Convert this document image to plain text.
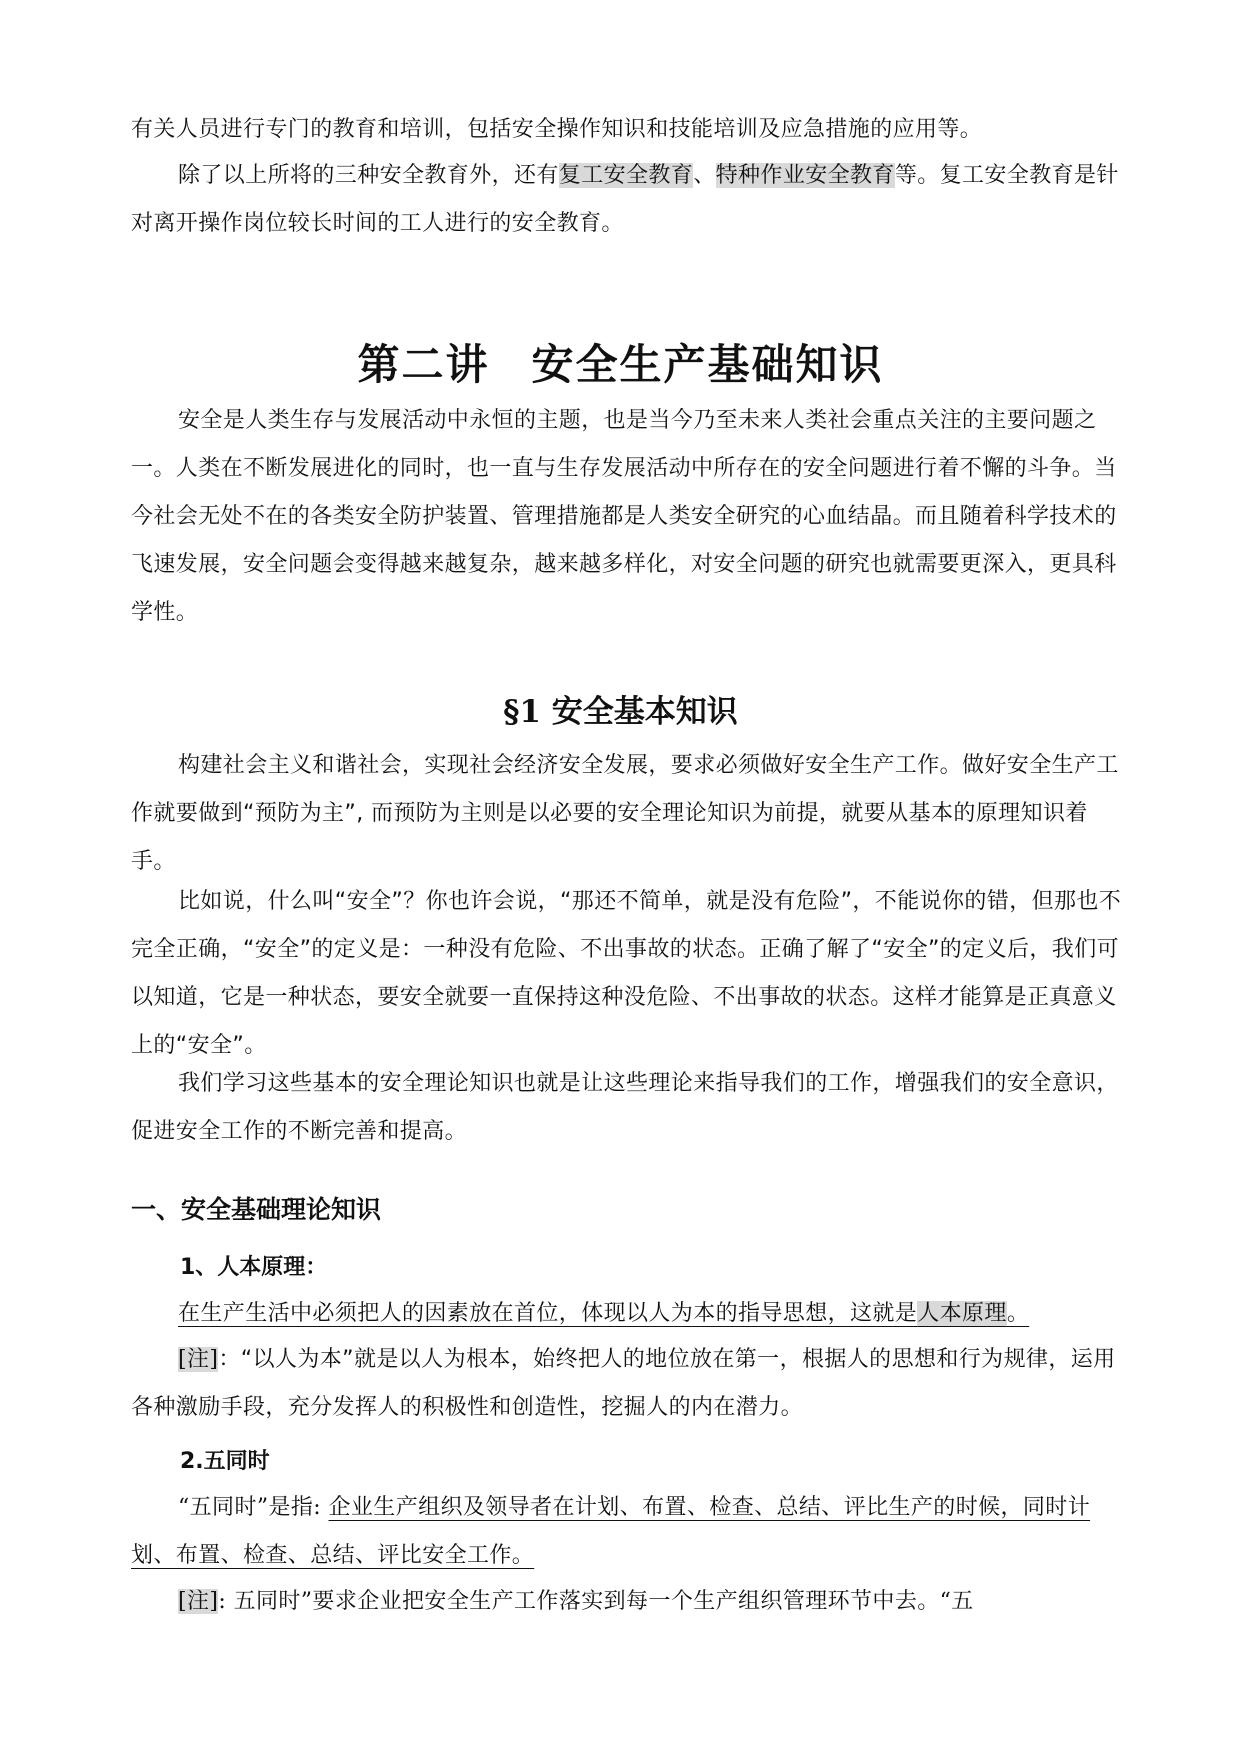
有关人员进行专门的教育和培训，包括安全操作知识和技能培训及应急措施的应用等。

除了以上所将的三种安全教育外，还有复工安全教育、特种作业安全教育等。复工安全教育是针对离开操作岗位较长时间的工人进行的安全教育。

第二讲 安全生产基础知识

安全是人类生存与发展活动中永恒的主题，也是当今乃至未来人类社会重点关注的主要问题之一。人类在不断发展进化的同时，也一直与生存发展活动中所存在的安全问题进行着不懈的斗争。当今社会无处不在的各类安全防护装置、管理措施都是人类安全研究的心血结晶。而且随着科学技术的飞速发展，安全问题会变得越来越复杂，越来越多样化，对安全问题的研究也就需要更深入，更具科学性。

§1 安全基本知识

构建社会主义和谐社会，实现社会经济安全发展，要求必须做好安全生产工作。做好安全生产工作就要做到“预防为主”, 而预防为主则是以必要的安全理论知识为前提，就要从基本的原理知识着手。

比如说，什么叫“安全”？你也许会说，“那还不简单，就是没有危险”，不能说你的错，但那也不完全正确，“安全”的定义是：一种没有危险、不出事故的状态。正确了解了“安全”的定义后，我们可以知道，它是一种状态，要安全就要一直保持这种没危险、不出事故的状态。这样才能算是正真意义上的“安全”。

我们学习这些基本的安全理论知识也就是让这些理论来指导我们的工作，增强我们的安全意识，促进安全工作的不断完善和提高。

一、安全基础理论知识
1、人本原理：

在生产生活中必须把人的因素放在首位，体现以人为本的指导思想，这就是人本原理。

[注]：“以人为本”就是以人为根本，始终把人的地位放在第一，根据人的思想和行为规律，运用各种激励手段，充分发挥人的积极性和创造性，挖掘人的内在潜力。

2.五同时

“五同时”是指: 企业生产组织及领导者在计划、布置、检查、总结、评比生产的时候，同时计划、布置、检查、总结、评比安全工作。

[注]: 五同时”要求企业把安全生产工作落实到每一个生产组织管理环节中去。“五
